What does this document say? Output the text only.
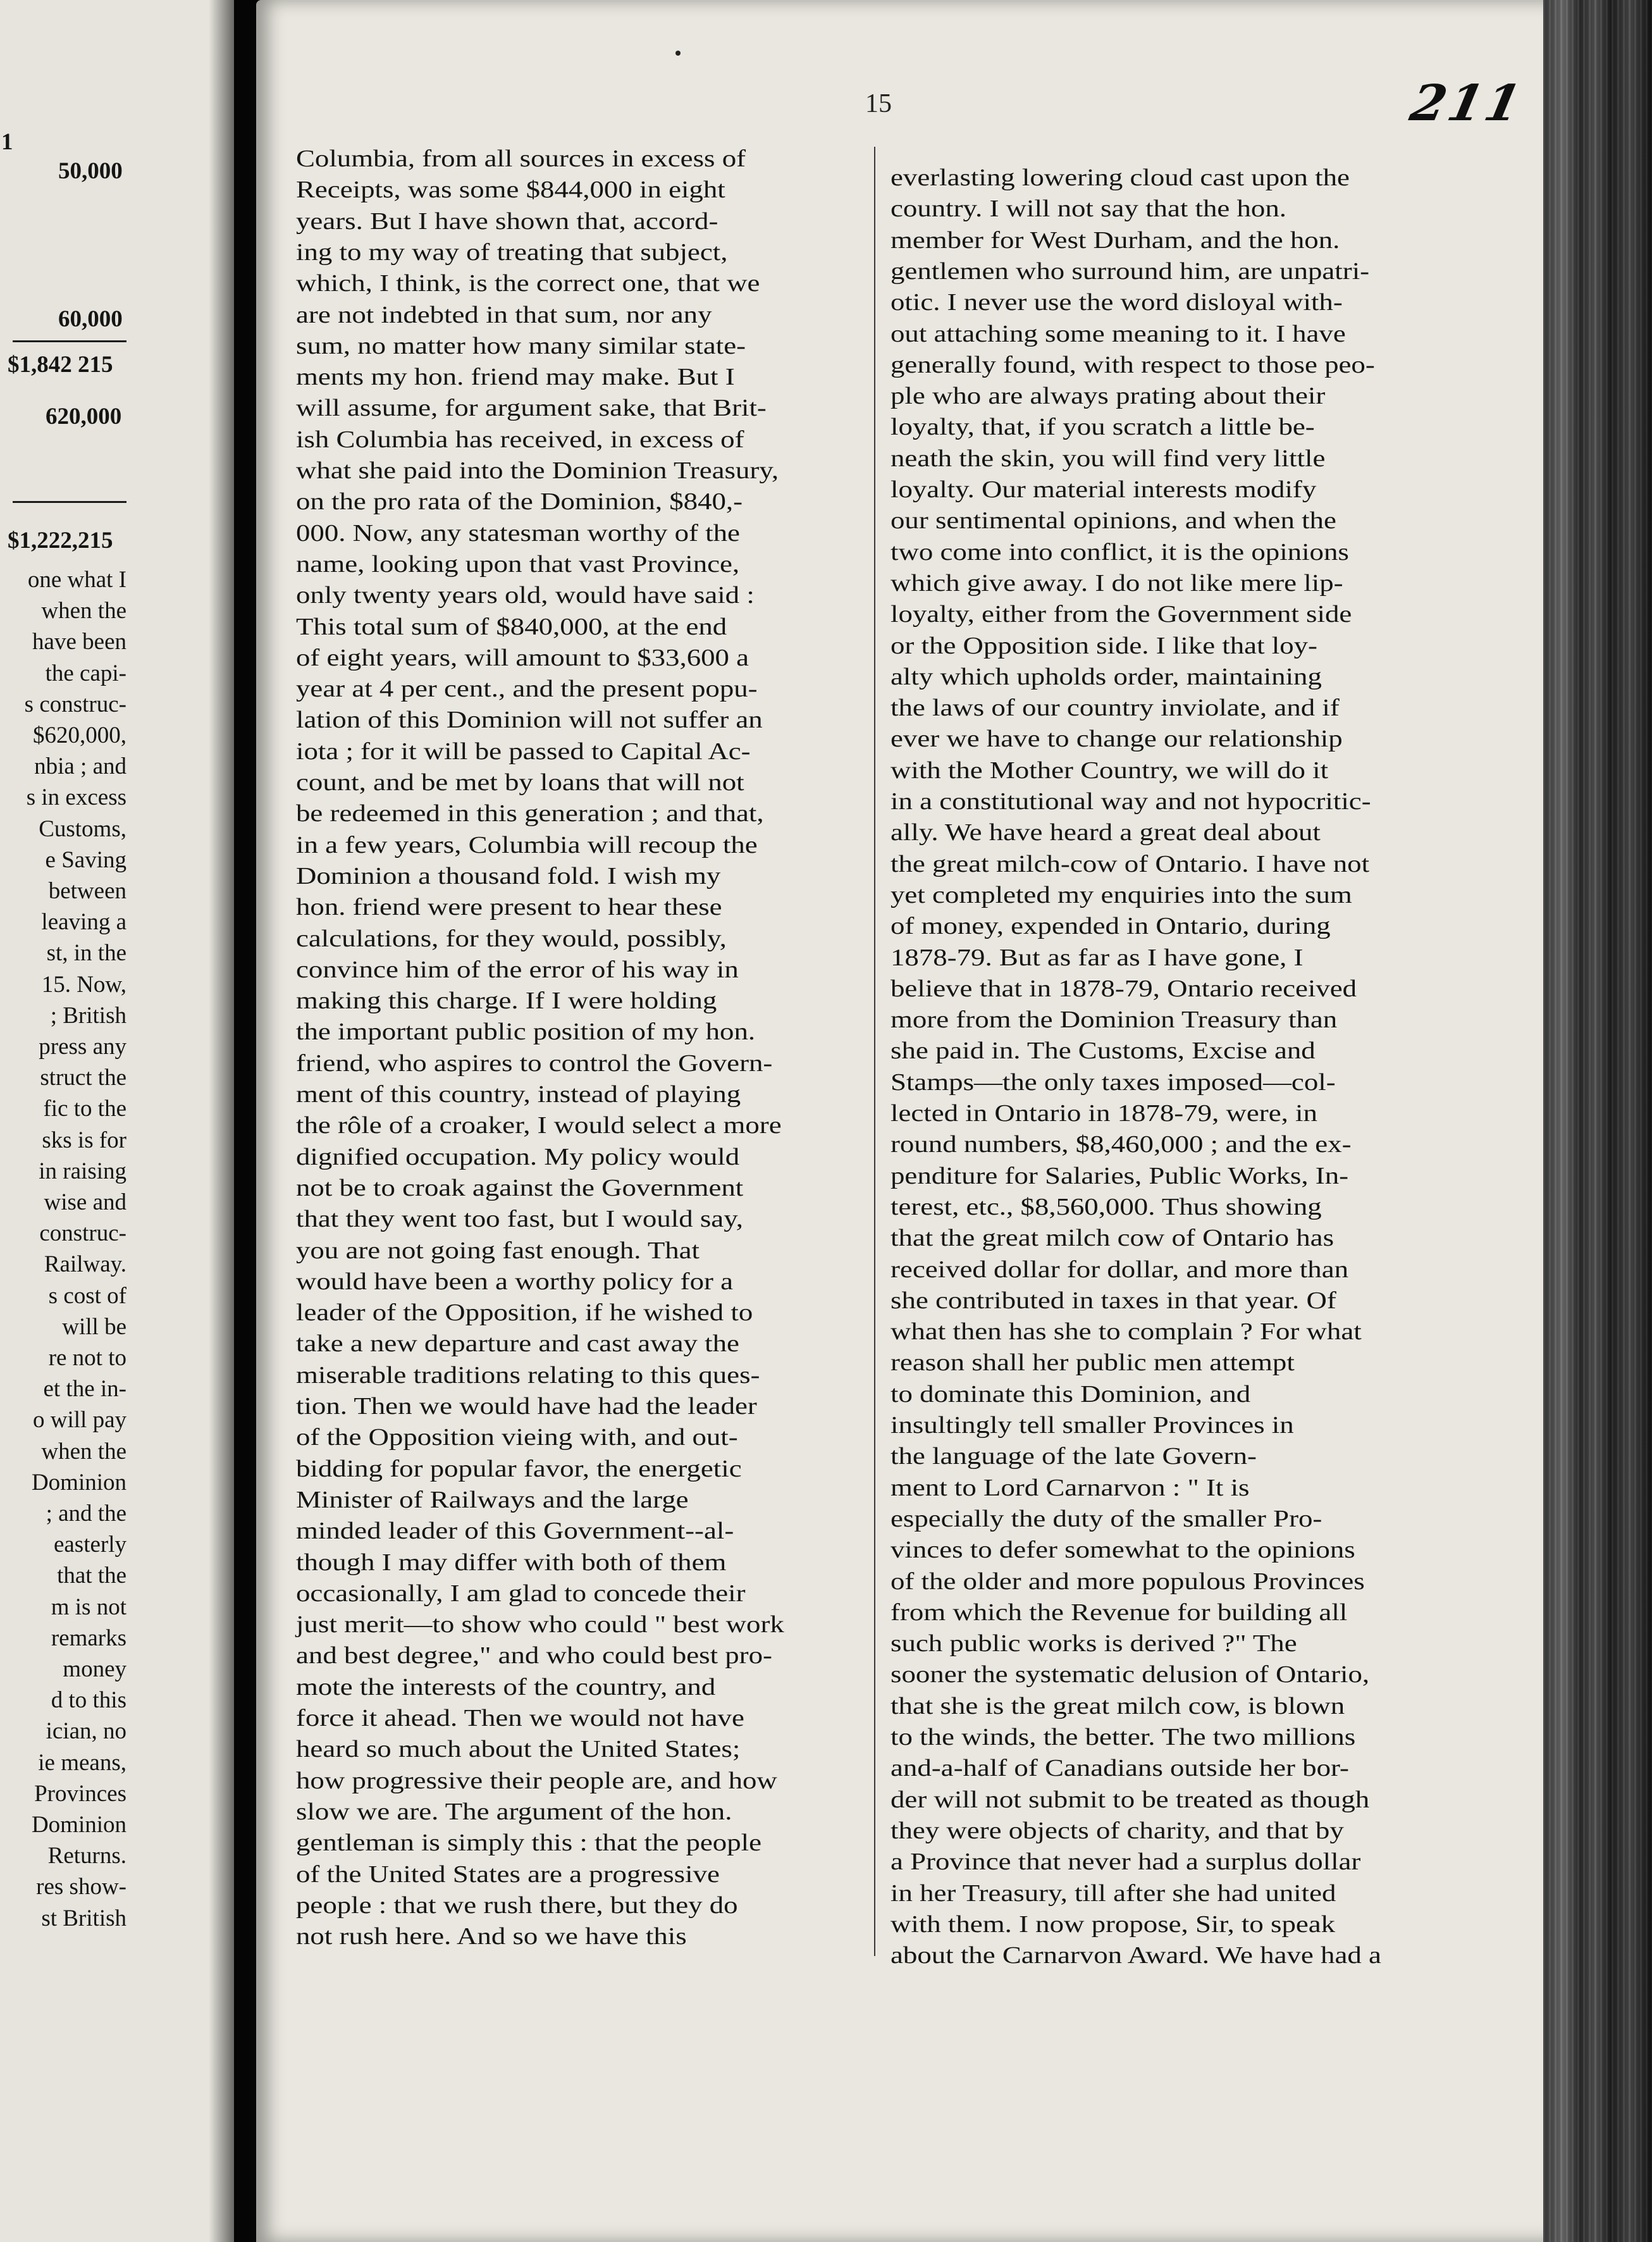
one what I
when the
have been
the capi-
s construc-
$620,000,
nbia ; and
s in excess
Customs,
e Saving
between
leaving a
st, in the
15. Now,
; British
press any
struct the
fic to the
sks is for
in raising
wise and
construc-
Railway.
s cost of
will be
re not to
et the in-
o will pay
when the
Dominion
; and the
easterly
that the
m is not
remarks
money
d to this
ician, no
ie means,
Provinces
Dominion
Returns.
res show-
st British
1
50,000
60,000
$1,842 215
620,000
$1,222,215
15	211
Columbia, from all sources in excess of
Receipts, was some $844,000 in eight
years. But I have shown that, accord-
ing to my way of treating that subject,
which, I think, is the correct one, that we
are not indebted in that sum, nor any
sum, no matter how many similar state-
ments my hon. friend may make. But I
will assume, for argument sake, that Brit-
ish Columbia has received, in excess of
what she paid into the Dominion Treasury,
on the pro rata of the Dominion, $840,-
000. Now, any statesman worthy of the
name, looking upon that vast Province,
only twenty years old, would have said :
This total sum of $840,000, at the end
of eight years, will amount to $33,600 a
year at 4 per cent., and the present popu-
lation of this Dominion will not suffer an
iota ; for it will be passed to Capital Ac-
count, and be met by loans that will not
be redeemed in this generation ; and that,
in a few years, Columbia will recoup the
Dominion a thousand fold. I wish my
hon. friend were present to hear these
calculations, for they would, possibly,
convince him of the error of his way in
making this charge. If I were holding
the important public position of my hon.
friend, who aspires to control the Govern-
ment of this country, instead of playing
the rôle of a croaker, I would select a more
dignified occupation. My policy would
not be to croak against the Government
that they went too fast, but I would say,
you are not going fast enough. That
would have been a worthy policy for a
leader of the Opposition, if he wished to
take a new departure and cast away the
miserable traditions relating to this ques-
tion. Then we would have had the leader
of the Opposition vieing with, and out-
bidding for popular favor, the energetic
Minister of Railways and the large
minded leader of this Government--al-
though I may differ with both of them
occasionally, I am glad to concede their
just merit—to show who could " best work
and best degree," and who could best pro-
mote the interests of the country, and
force it ahead. Then we would not have
heard so much about the United States;
how progressive their people are, and how
slow we are. The argument of the hon.
gentleman is simply this : that the people
of the United States are a progressive
people : that we rush there, but they do
not rush here. And so we have this
everlasting lowering cloud cast upon the
country. I will not say that the hon.
member for West Durham, and the hon.
gentlemen who surround him, are unpatri-
otic. I never use the word disloyal with-
out attaching some meaning to it. I have
generally found, with respect to those peo-
ple who are always prating about their
loyalty, that, if you scratch a little be-
neath the skin, you will find very little
loyalty. Our material interests modify
our sentimental opinions, and when the
two come into conflict, it is the opinions
which give away. I do not like mere lip-
loyalty, either from the Government side
or the Opposition side. I like that loy-
alty which upholds order, maintaining
the laws of our country inviolate, and if
ever we have to change our relationship
with the Mother Country, we will do it
in a constitutional way and not hypocritic-
ally. We have heard a great deal about
the great milch-cow of Ontario. I have not
yet completed my enquiries into the sum
of money, expended in Ontario, during
1878-79. But as far as I have gone, I
believe that in 1878-79, Ontario received
more from the Dominion Treasury than
she paid in. The Customs, Excise and
Stamps—the only taxes imposed—col-
lected in Ontario in 1878-79, were, in
round numbers, $8,460,000 ; and the ex-
penditure for Salaries, Public Works, In-
terest, etc., $8,560,000. Thus showing
that the great milch cow of Ontario has
received dollar for dollar, and more than
she contributed in taxes in that year. Of
what then has she to complain ? For what
reason shall her public men attempt
to dominate this Dominion, and
insultingly tell smaller Provinces in
the language of the late Govern-
ment to Lord Carnarvon : " It is
especially the duty of the smaller Pro-
vinces to defer somewhat to the opinions
of the older and more populous Provinces
from which the Revenue for building all
such public works is derived ?" The
sooner the systematic delusion of Ontario,
that she is the great milch cow, is blown
to the winds, the better. The two millions
and-a-half of Canadians outside her bor-
der will not submit to be treated as though
they were objects of charity, and that by
a Province that never had a surplus dollar
in her Treasury, till after she had united
with them. I now propose, Sir, to speak
about the Carnarvon Award. We have had a
